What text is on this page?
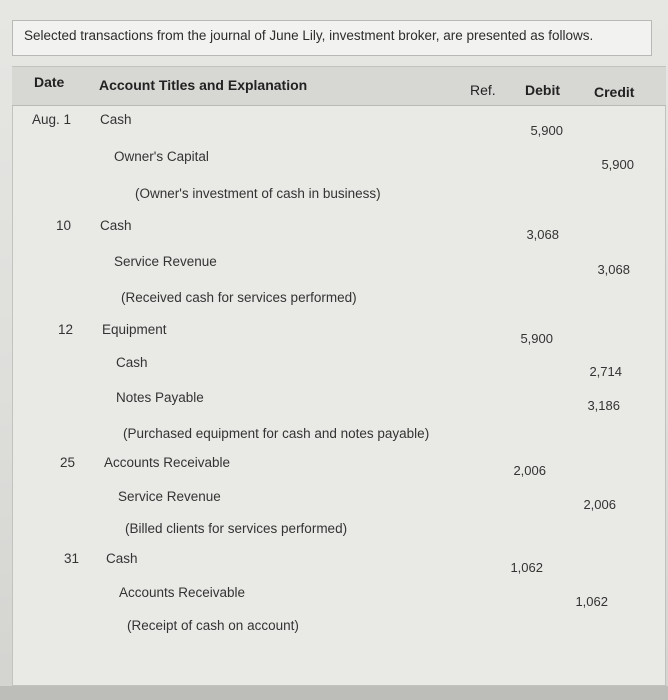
Selected transactions from the journal of June Lily, investment broker, are presented as follows.
Date Account Titles and Explanation	Ref. Debit Credit
Aug. 1 Cash
5,900
Owner's Capital
5,900
(Owner's investment of cash in business)
10 Cash
3,068
Service Revenue
3,068
(Received cash for services performed)
12 Equipment
5,900
Cash
2,714
Notes Payable
3,186
(Purchased equipment for cash and notes payable)
25 Accounts Receivable
2,006
Service Revenue
2,006
(Billed clients for services performed)
31 Cash
1,062
Accounts Receivable
1,062
(Receipt of cash on account)
